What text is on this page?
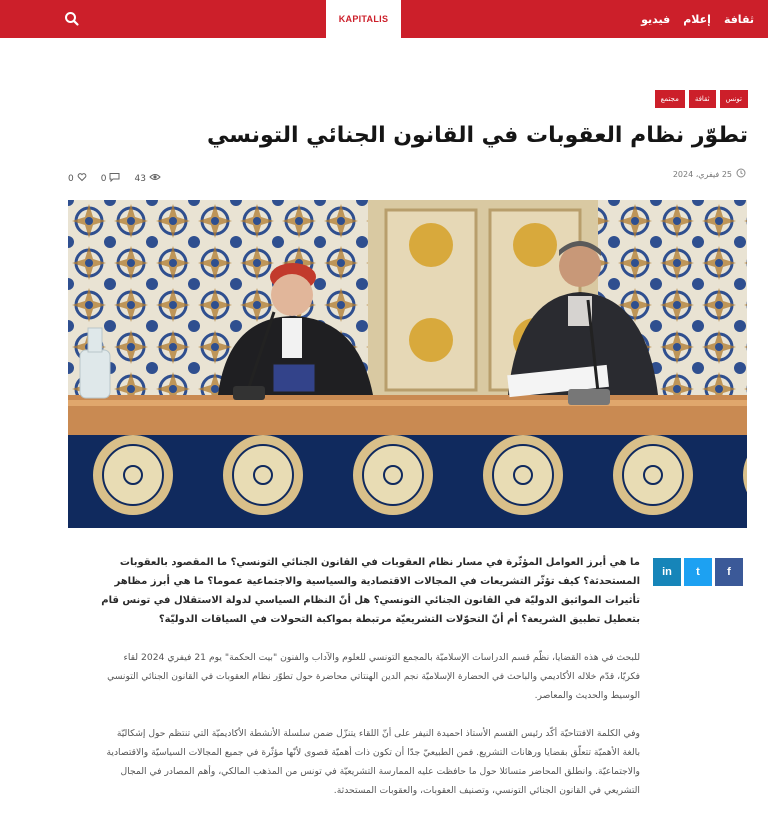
KAPITALIS	ثقافة
إعلام
فيديو
تونس
ثقافة
مجتمع
تطوّر نظام العقوبات في القانون الجنائي التونسي
25 فيفري، 2024
0	0	43
in	t	f

ما هي أبرز العوامل المؤثّرة في مسار نظام العقوبات في القانون الجنائي التونسي؟ ما المقصود بالعقوبات المستحدثة؟ كيف تؤثّر التشريعات في المجالات الاقتصادية والسياسية والاجتماعية عموما؟ ما هي أبرز مظاهر تأثيرات المواثيق الدوليّة في القانون الجنائي التونسي؟ هل أنّ النظام السياسي لدولة الاستقلال في تونس قام بتعطيل تطبيق الشريعة؟ أم أنّ التحوّلات التشريعيّة مرتبطة بمواكبة التحولات في السياقات الدوليّة؟

للبحث في هذه القضايا، نظّم قسم الدراسات الإسلاميّة بالمجمع التونسي للعلوم والآداب والفنون "بيت الحكمة" يوم 21 فيفري 2024 لقاء فكريّا، قدّم خلاله الأكاديمي والباحث في الحضارة الإسلاميّة نجم الدين الهنتاتي محاضرة حول تطوّر نظام العقوبات في القانون الجنائي التونسي الوسيط والحديث والمعاصر.

وفي الكلمة الافتتاحيّة أكّد رئيس القسم الأستاذ احميدة النيفر على أنّ اللقاء يتنزّل ضمن سلسلة الأنشطة الأكاديميّة التي تنتظم حول إشكاليّة بالغة الأهميّة تتعلّق بقضايا ورهانات التشريع. فمن الطبيعيّ جدّا أن تكون ذات أهميّة قصوى لأنّها مؤثّرة في جميع المجالات السياسيّة والاقتصادية والاجتماعيّة. وانطلق المحاضر متسائلا حول ما حافظت عليه الممارسة التشريعيّة في تونس من المذهب المالكي، وأهم المصادر في المجال التشريعي في القانون الجنائي التونسي، وتصنيف العقوبات، والعقوبات المستحدثة.
